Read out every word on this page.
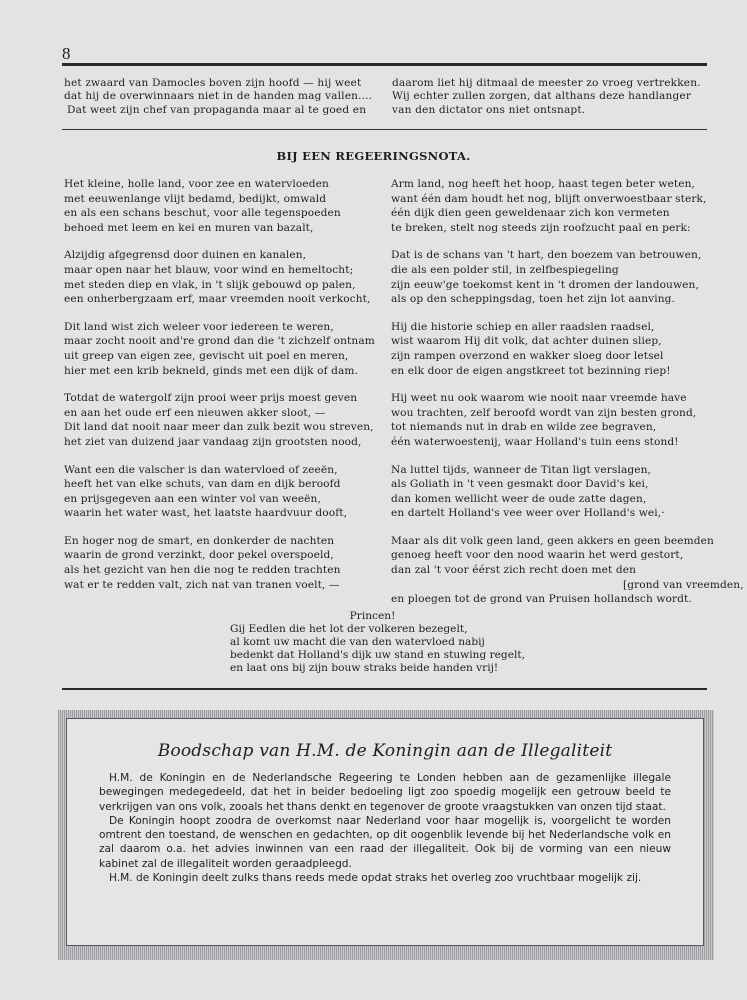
8
het zwaard van Damocles boven zijn hoofd — hij weet
dat hij de overwinnaars niet in de handen mag vallen....
Dat weet zijn chef van propaganda maar al te goed en
daarom liet hij ditmaal de meester zo vroeg vertrekken.
Wij echter zullen zorgen, dat althans deze handlanger
van den dictator ons niet ontsnapt.
BIJ EEN REGEERINGSNOTA.
Het kleine, holle land, voor zee en watervloeden
met eeuwenlange vlijt bedamd, bedijkt, omwald
en als een schans beschut, voor alle tegenspoeden
behoed met leem en kei en muren van bazalt,
Alzijdig afgegrensd door duinen en kanalen,
maar open naar het blauw, voor wind en hemeltocht;
met steden diep en vlak, in 't slijk gebouwd op palen,
een onherbergzaam erf, maar vreemden nooit verkocht,
Dit land wist zich weleer voor iedereen te weren,
maar zocht nooit and're grond dan die 't zichzelf ontnam
uit greep van eigen zee, gevischt uit poel en meren,
hier met een krib bekneld, ginds met een dijk of dam.
Totdat de watergolf zijn prooi weer prijs moest geven
en aan het oude erf een nieuwen akker sloot, —
Dit land dat nooit naar meer dan zulk bezit wou streven,
het ziet van duizend jaar vandaag zijn grootsten nood,
Want een die valscher is dan watervloed of zeeën,
heeft het van elke schuts, van dam en dijk beroofd
en prijsgegeven aan een winter vol van weeën,
waarin het water wast, het laatste haardvuur dooft,
En hoger nog de smart, en donkerder de nachten
waarin de grond verzinkt, door pekel overspoeld,
als het gezicht van hen die nog te redden trachten
wat er te redden valt, zich nat van tranen voelt, —
Arm land, nog heeft het hoop, haast tegen beter weten,
want één dam houdt het nog, blijft onverwoestbaar sterk,
één dijk dien geen geweldenaar zich kon vermeten
te breken, stelt nog steeds zijn roofzucht paal en perk:
Dat is de schans van 't hart, den boezem van betrouwen,
die als een polder stil, in zelfbespiegeling
zijn eeuw'ge toekomst kent in 't dromen der landouwen,
als op den scheppingsdag, toen het zijn lot aanving.
Hij die historie schiep en aller raadslen raadsel,
wist waarom Hij dit volk, dat achter duinen sliep,
zijn rampen overzond en wakker sloeg door letsel
en elk door de eigen angstkreet tot bezinning riep!
Hij weet nu ook waarom wie nooit naar vreemde have
wou trachten, zelf beroofd wordt van zijn besten grond,
tot niemands nut in drab en wilde zee begraven,
één waterwoestenij, waar Holland's tuin eens stond!
Na luttel tijds, wanneer de Titan ligt verslagen,
als Goliath in 't veen gesmakt door David's kei,
dan komen wellicht weer de oude zatte dagen,
en dartelt Holland's vee weer over Holland's wei,·
Maar als dit volk geen land, geen akkers en geen beemden
genoeg heeft voor den nood waarin het werd gestort,
dan zal 't voor éérst zich recht doen met den
[grond van vreemden,
en ploegen tot de grond van Pruisen hollandsch wordt.
Princen!
Gij Eedlen die het lot der volkeren bezegelt,
al komt uw macht die van den watervloed nabij
bedenkt dat Holland's dijk uw stand en stuwing regelt,
en laat ons bij zijn bouw straks beide handen vrij!
Boodschap van H.M. de Koningin aan de Illegaliteit

H.M. de Koningin en de Nederlandsche Regeering te Londen hebben aan de gezamenlijke illegale bewegingen medegedeeld, dat het in beider bedoeling ligt zoo spoedig mogelijk een getrouw beeld te verkrijgen van ons volk, zooals het thans denkt en tegenover de groote vraagstukken van onzen tijd staat.

De Koningin hoopt zoodra de overkomst naar Nederland voor haar mogelijk is, voorgelicht te worden omtrent den toestand, de wenschen en gedachten, op dit oogenblik levende bij het Nederlandsche volk en zal daarom o.a. het advies inwinnen van een raad der illegaliteit. Ook bij de vorming van een nieuw kabinet zal de illegaliteit worden geraadpleegd.

H.M. de Koningin deelt zulks thans reeds mede opdat straks het overleg zoo vruchtbaar mogelijk zij.
